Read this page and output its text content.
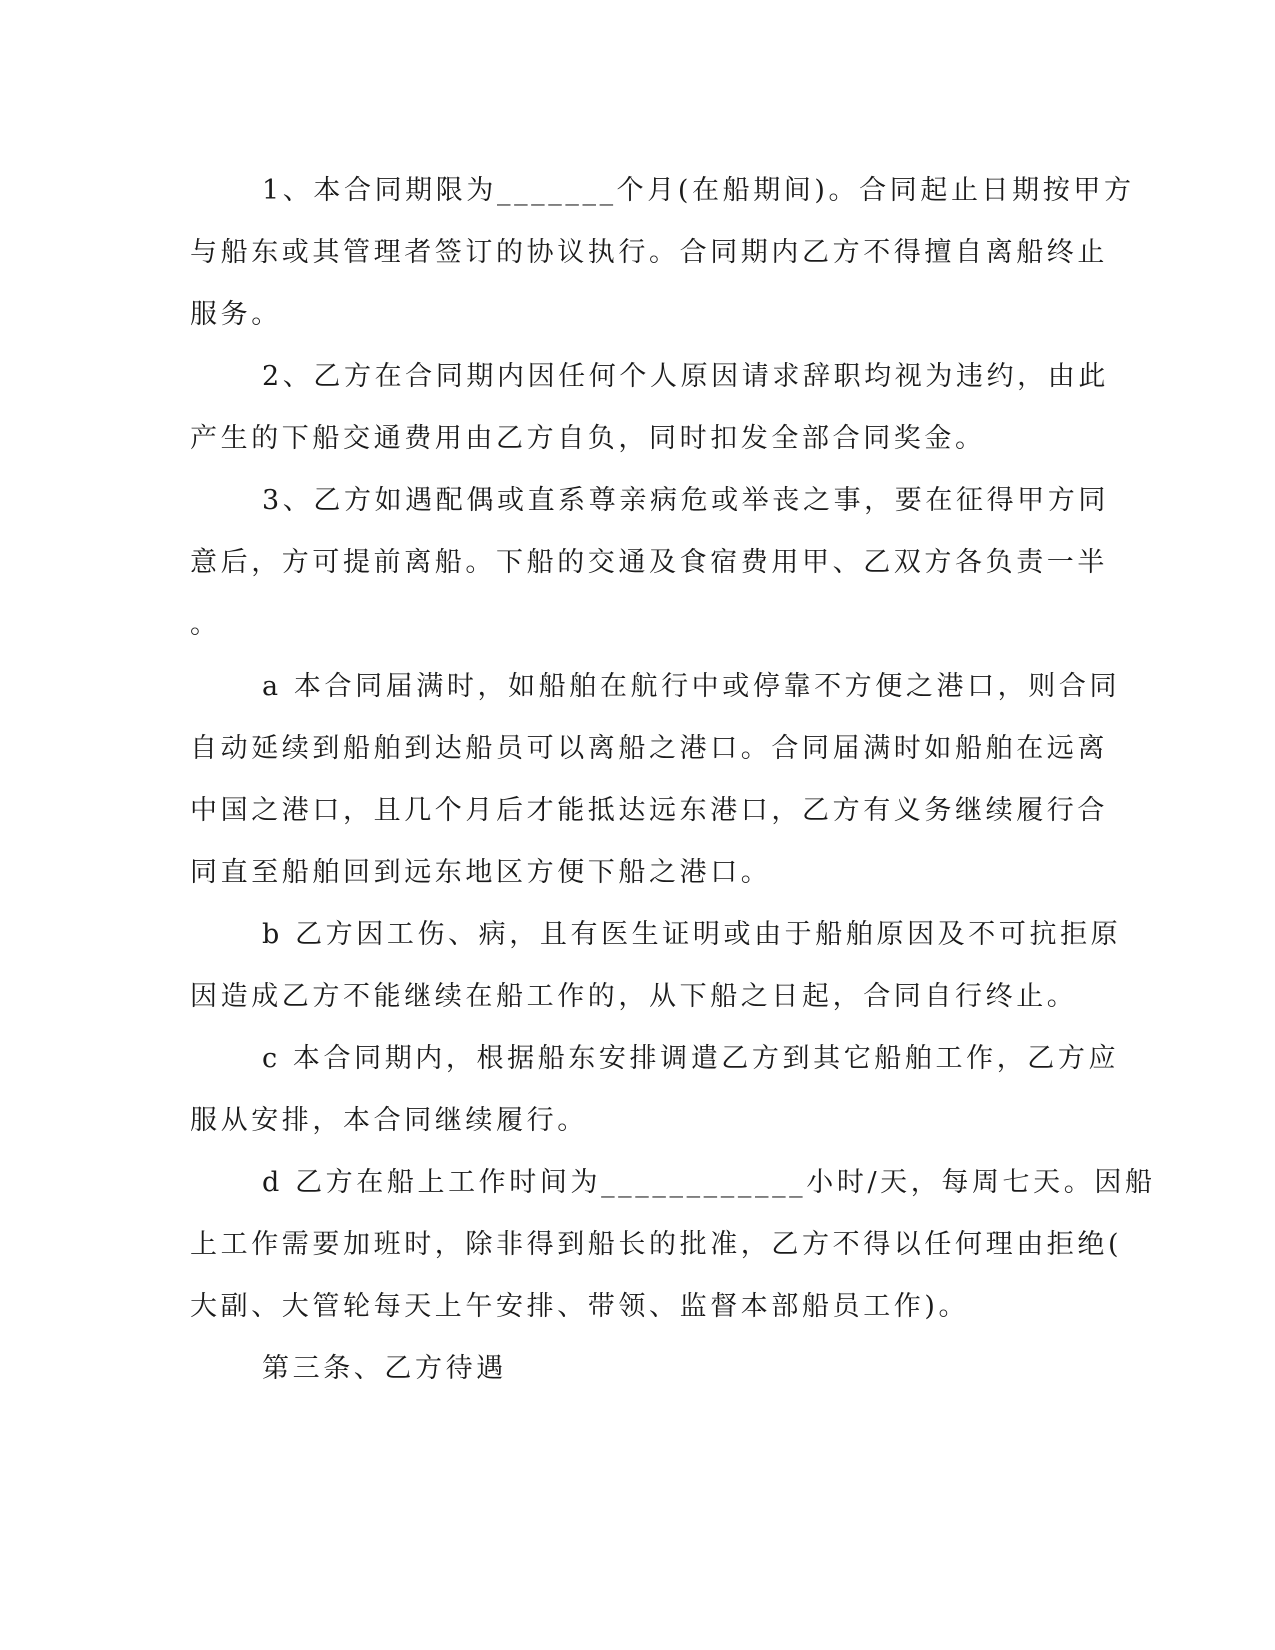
1、本合同期限为_______个月(在船期间)。合同起止日期按甲方
与船东或其管理者签订的协议执行。合同期内乙方不得擅自离船终止
服务。
2、乙方在合同期内因任何个人原因请求辞职均视为违约，由此
产生的下船交通费用由乙方自负，同时扣发全部合同奖金。
3、乙方如遇配偶或直系尊亲病危或举丧之事，要在征得甲方同
意后，方可提前离船。下船的交通及食宿费用甲、乙双方各负责一半
。
a 本合同届满时，如船舶在航行中或停靠不方便之港口，则合同
自动延续到船舶到达船员可以离船之港口。合同届满时如船舶在远离
中国之港口，且几个月后才能抵达远东港口，乙方有义务继续履行合
同直至船舶回到远东地区方便下船之港口。
b 乙方因工伤、病，且有医生证明或由于船舶原因及不可抗拒原
因造成乙方不能继续在船工作的，从下船之日起，合同自行终止。
c 本合同期内，根据船东安排调遣乙方到其它船舶工作，乙方应
服从安排，本合同继续履行。
d 乙方在船上工作时间为____________小时/天，每周七天。因船
上工作需要加班时，除非得到船长的批准，乙方不得以任何理由拒绝(
大副、大管轮每天上午安排、带领、监督本部船员工作)。
第三条、乙方待遇
